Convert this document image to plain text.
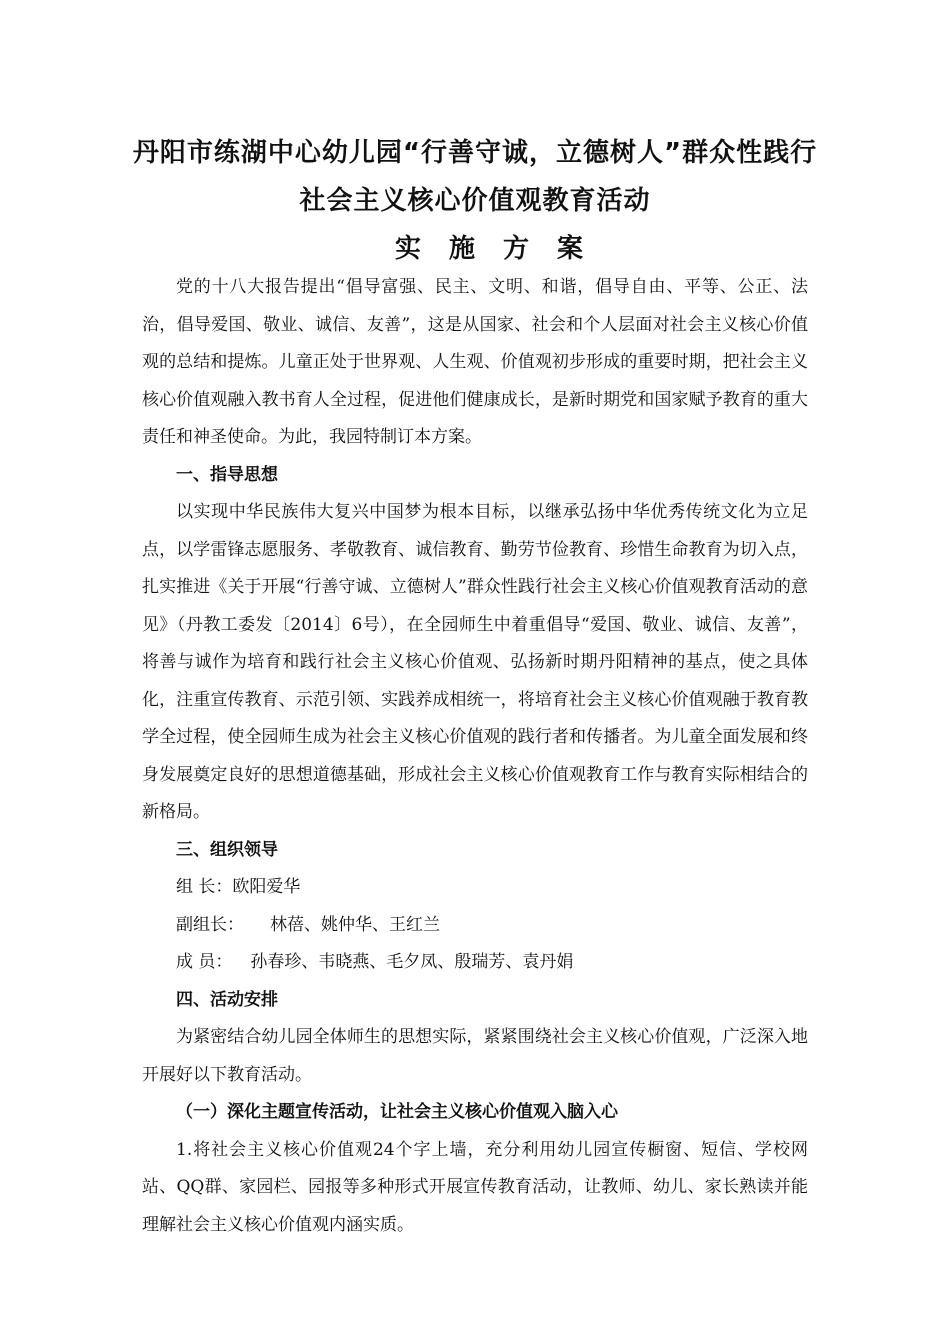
丹阳市练湖中心幼儿园“行善守诚，立德树人”群众性践行
社会主义核心价值观教育活动
实施方案

党的十八大报告提出“倡导富强、民主、文明、和谐，倡导自由、平等、公正、法治，倡导爱国、敬业、诚信、友善”，这是从国家、社会和个人层面对社会主义核心价值观的总结和提炼。儿童正处于世界观、人生观、价值观初步形成的重要时期，把社会主义核心价值观融入教书育人全过程，促进他们健康成长，是新时期党和国家赋予教育的重大责任和神圣使命。为此，我园特制订本方案。

一、指导思想

以实现中华民族伟大复兴中国梦为根本目标，以继承弘扬中华优秀传统文化为立足点，以学雷锋志愿服务、孝敬教育、诚信教育、勤劳节俭教育、珍惜生命教育为切入点，扎实推进《关于开展“行善守诚、立德树人”群众性践行社会主义核心价值观教育活动的意见》（丹教工委发〔2014〕6号），在全园师生中着重倡导“爱国、敬业、诚信、友善”，将善与诚作为培育和践行社会主义核心价值观、弘扬新时期丹阳精神的基点，使之具体化，注重宣传教育、示范引领、实践养成相统一，将培育社会主义核心价值观融于教育教学全过程，使全园师生成为社会主义核心价值观的践行者和传播者。为儿童全面发展和终身发展奠定良好的思想道德基础，形成社会主义核心价值观教育工作与教育实际相结合的新格局。

三、组织领导

组 长：欧阳爱华

副组长： 林蓓、姚仲华、王红兰

成 员： 孙春珍、韦晓燕、毛夕凤、殷瑞芳、袁丹娟

四、活动安排

为紧密结合幼儿园全体师生的思想实际，紧紧围绕社会主义核心价值观，广泛深入地开展好以下教育活动。

（一）深化主题宣传活动，让社会主义核心价值观入脑入心

1.将社会主义核心价值观24个字上墙，充分利用幼儿园宣传橱窗、短信、学校网站、QQ群、家园栏、园报等多种形式开展宣传教育活动，让教师、幼儿、家长熟读并能理解社会主义核心价值观内涵实质。
